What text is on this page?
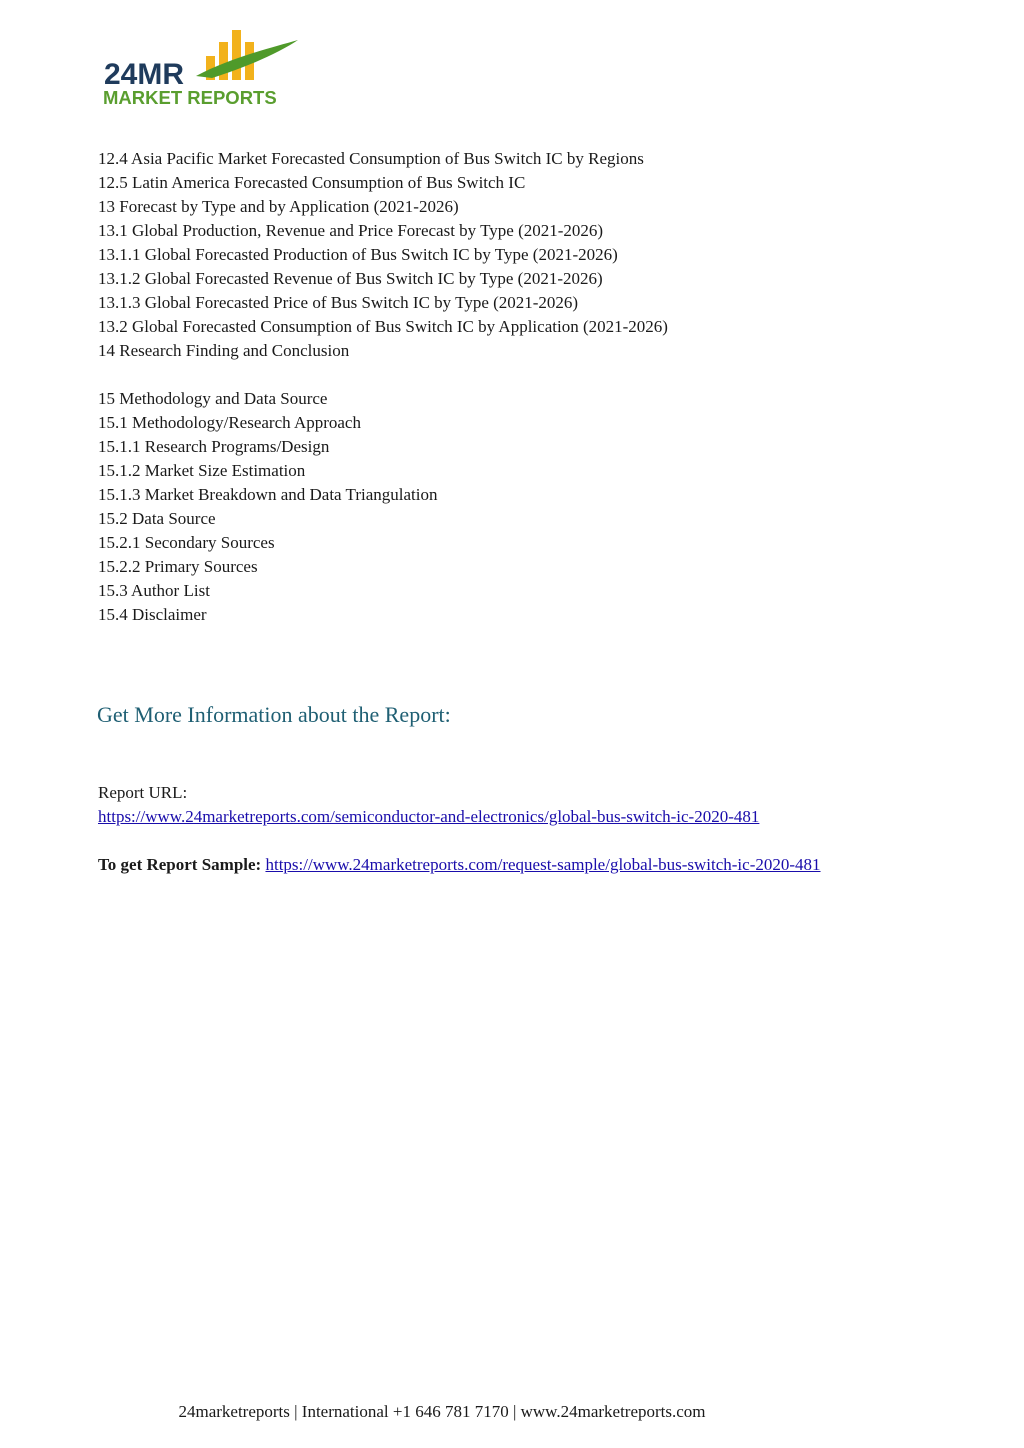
24MR
MARKET REPORTS
12.4 Asia Pacific Market Forecasted Consumption of Bus Switch IC by Regions
12.5 Latin America Forecasted Consumption of Bus Switch IC
13 Forecast by Type and by Application (2021-2026)
13.1 Global Production, Revenue and Price Forecast by Type (2021-2026)
13.1.1 Global Forecasted Production of Bus Switch IC by Type (2021-2026)
13.1.2 Global Forecasted Revenue of Bus Switch IC by Type (2021-2026)
13.1.3 Global Forecasted Price of Bus Switch IC by Type (2021-2026)
13.2 Global Forecasted Consumption of Bus Switch IC by Application (2021-2026)
14 Research Finding and Conclusion
15 Methodology and Data Source
15.1 Methodology/Research Approach
15.1.1 Research Programs/Design
15.1.2 Market Size Estimation
15.1.3 Market Breakdown and Data Triangulation
15.2 Data Source
15.2.1 Secondary Sources
15.2.2 Primary Sources
15.3 Author List
15.4 Disclaimer
Get More Information about the Report:
Report URL:
https://www.24marketreports.com/semiconductor-and-electronics/global-bus-switch-ic-2020-481
To get Report Sample: https://www.24marketreports.com/request-sample/global-bus-switch-ic-2020-481
24marketreports | International +1 646 781 7170 | www.24marketreports.com
